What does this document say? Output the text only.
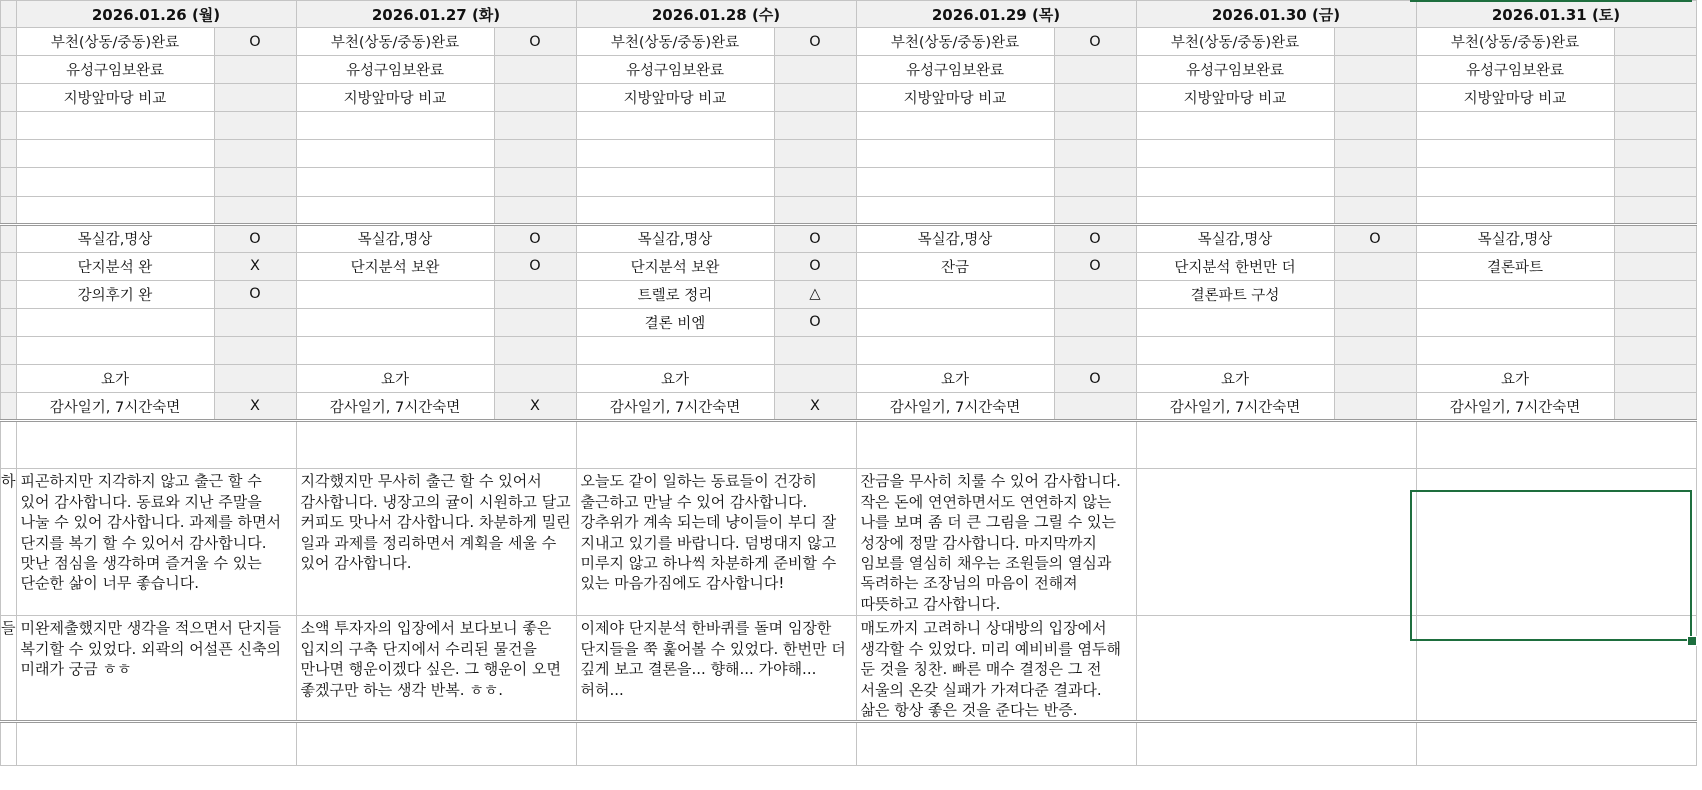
	2026.01.26 (월)		2026.01.27 (화)		2026.01.28 (수)		2026.01.29 (목)		2026.01.30 (금)		2026.01.31 (토)	
	부천(상동/중동)완료	O	부천(상동/중동)완료	O	부천(상동/중동)완료	O	부천(상동/중동)완료	O	부천(상동/중동)완료		부천(상동/중동)완료	
	유성구임보완료		유성구임보완료		유성구임보완료		유성구임보완료		유성구임보완료		유성구임보완료	
	지방앞마당 비교		지방앞마당 비교		지방앞마당 비교		지방앞마당 비교		지방앞마당 비교		지방앞마당 비교	

	목실감,명상	O	목실감,명상	O	목실감,명상	O	목실감,명상	O	목실감,명상	O	목실감,명상	
	단지분석 완	X	단지분석 보완	O	단지분석 보완	O	잔금	O	단지분석 한번만 더		결론파트	
	강의후기 완	O			트렐로 정리	△			결론파트 구성			
					결론 비엠	O						

	요가		요가		요가		요가	O	요가		요가	
	감사일기, 7시간숙면	X	감사일기, 7시간숙면	X	감사일기, 7시간숙면	X	감사일기, 7시간숙면		감사일기, 7시간숙면		감사일기, 7시간숙면	

하	피곤하지만 지각하지 않고 출근 할 수 있어 감사합니다. 동료와 지난 주말을 나눌 수 있어 감사합니다. 과제를 하면서 단지를 복기 할 수 있어서 감사합니다. 맛난 점심을 생각하며 즐거울 수 있는 단순한 삶이 너무 좋습니다.		지각했지만 무사히 출근 할 수 있어서 감사합니다. 냉장고의 귤이 시원하고 달고 커피도 맛나서 감사합니다. 차분하게 밀린 일과 과제를 정리하면서 계획을 세울 수 있어 감사합니다.		오늘도 같이 일하는 동료들이 건강히 출근하고 만날 수 있어 감사합니다. 강추위가 계속 되는데 냥이들이 부디 잘 지내고 있기를 바랍니다. 덤벙대지 않고 미루지 않고 하나씩 차분하게 준비할 수 있는 마음가짐에도 감사합니다!		잔금을 무사히 치룰 수 있어 감사합니다. 작은 돈에 연연하면서도 연연하지 않는 나를 보며 좀 더 큰 그림을 그릴 수 있는 성장에 정말 감사합니다. 마지막까지 임보를 열심히 채우는 조원들의 열심과 독려하는 조장님의 마음이 전해져 따뜻하고 감사합니다.					
들	미완제출했지만 생각을 적으면서 단지들 복기할 수 있었다. 외곽의 어설픈 신축의 미래가 궁금 ㅎㅎ		소액 투자자의 입장에서 보다보니 좋은 입지의 구축 단지에서 수리된 물건을 만나면 행운이겠다 싶은. 그 행운이 오면 좋겠구만 하는 생각 반복. ㅎㅎ.		이제야 단지분석 한바퀴를 돌며 임장한 단지들을 쭉 훑어볼 수 있었다. 한번만 더 깊게 보고 결론을... 향해... 가야해... 허허...		매도까지 고려하니 상대방의 입장에서 생각할 수 있었다. 미리 예비비를 염두해 둔 것을 칭찬. 빠른 매수 결정은 그 전 서울의 온갖 실패가 가져다준 결과다. 삶은 항상 좋은 것을 준다는 반증.					
